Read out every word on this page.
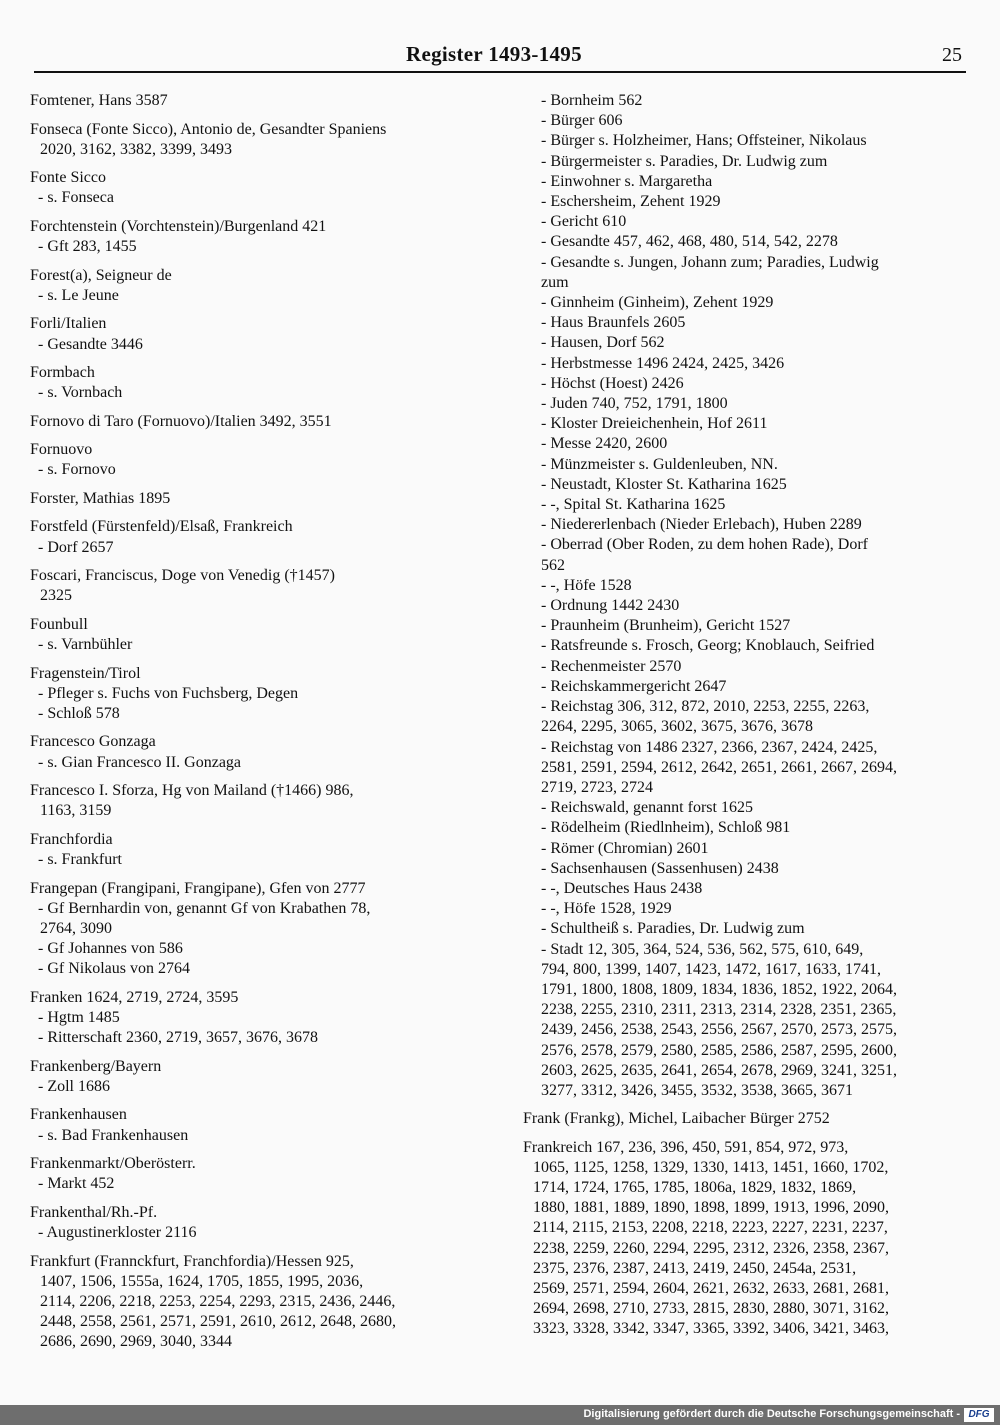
Register 1493-1495	25
Fomtener, Hans 3587
Fonseca (Fonte Sicco), Antonio de, Gesandter Spaniens
2020, 3162, 3382, 3399, 3493
Fonte Sicco
- s. Fonseca
Forchtenstein (Vorchtenstein)/Burgenland 421
- Gft 283, 1455
Forest(a), Seigneur de
- s. Le Jeune
Forli/Italien
- Gesandte 3446
Formbach
- s. Vornbach
Fornovo di Taro (Fornuovo)/Italien 3492, 3551
Fornuovo
- s. Fornovo
Forster, Mathias 1895
Forstfeld (Fürstenfeld)/Elsaß, Frankreich
- Dorf 2657
Foscari, Franciscus, Doge von Venedig (†1457)
2325
Founbull
- s. Varnbühler
Fragenstein/Tirol
- Pfleger s. Fuchs von Fuchsberg, Degen
- Schloß 578
Francesco Gonzaga
- s. Gian Francesco II. Gonzaga
Francesco I. Sforza, Hg von Mailand (†1466) 986,
1163, 3159
Franchfordia
- s. Frankfurt
Frangepan (Frangipani, Frangipane), Gfen von 2777
- Gf Bernhardin von, genannt Gf von Krabathen 78,
2764, 3090
- Gf Johannes von 586
- Gf Nikolaus von 2764
Franken 1624, 2719, 2724, 3595
- Hgtm 1485
- Ritterschaft 2360, 2719, 3657, 3676, 3678
Frankenberg/Bayern
- Zoll 1686
Frankenhausen
- s. Bad Frankenhausen
Frankenmarkt/Oberösterr.
- Markt 452
Frankenthal/Rh.-Pf.
- Augustinerkloster 2116
Frankfurt (Frannckfurt, Franchfordia)/Hessen 925,
1407, 1506, 1555a, 1624, 1705, 1855, 1995, 2036,
2114, 2206, 2218, 2253, 2254, 2293, 2315, 2436, 2446,
2448, 2558, 2561, 2571, 2591, 2610, 2612, 2648, 2680,
2686, 2690, 2969, 3040, 3344
- Bornheim 562
- Bürger 606
- Bürger s. Holzheimer, Hans; Offsteiner, Nikolaus
- Bürgermeister s. Paradies, Dr. Ludwig zum
- Einwohner s. Margaretha
- Eschersheim, Zehent 1929
- Gericht 610
- Gesandte 457, 462, 468, 480, 514, 542, 2278
- Gesandte s. Jungen, Johann zum; Paradies, Ludwig
zum
- Ginnheim (Ginheim), Zehent 1929
- Haus Braunfels 2605
- Hausen, Dorf 562
- Herbstmesse 1496 2424, 2425, 3426
- Höchst (Hoest) 2426
- Juden 740, 752, 1791, 1800
- Kloster Dreieichenhein, Hof 2611
- Messe 2420, 2600
- Münzmeister s. Guldenleuben, NN.
- Neustadt, Kloster St. Katharina 1625
- -, Spital St. Katharina 1625
- Niedererlenbach (Nieder Erlebach), Huben 2289
- Oberrad (Ober Roden, zu dem hohen Rade), Dorf
562
- -, Höfe 1528
- Ordnung 1442 2430
- Praunheim (Brunheim), Gericht 1527
- Ratsfreunde s. Frosch, Georg; Knoblauch, Seifried
- Rechenmeister 2570
- Reichskammergericht 2647
- Reichstag 306, 312, 872, 2010, 2253, 2255, 2263,
2264, 2295, 3065, 3602, 3675, 3676, 3678
- Reichstag von 1486 2327, 2366, 2367, 2424, 2425,
2581, 2591, 2594, 2612, 2642, 2651, 2661, 2667, 2694,
2719, 2723, 2724
- Reichswald, genannt forst 1625
- Rödelheim (Riedlnheim), Schloß 981
- Römer (Chromian) 2601
- Sachsenhausen (Sassenhusen) 2438
- -, Deutsches Haus 2438
- -, Höfe 1528, 1929
- Schultheiß s. Paradies, Dr. Ludwig zum
- Stadt 12, 305, 364, 524, 536, 562, 575, 610, 649,
794, 800, 1399, 1407, 1423, 1472, 1617, 1633, 1741,
1791, 1800, 1808, 1809, 1834, 1836, 1852, 1922, 2064,
2238, 2255, 2310, 2311, 2313, 2314, 2328, 2351, 2365,
2439, 2456, 2538, 2543, 2556, 2567, 2570, 2573, 2575,
2576, 2578, 2579, 2580, 2585, 2586, 2587, 2595, 2600,
2603, 2625, 2635, 2641, 2654, 2678, 2969, 3241, 3251,
3277, 3312, 3426, 3455, 3532, 3538, 3665, 3671
Frank (Frankg), Michel, Laibacher Bürger 2752
Frankreich 167, 236, 396, 450, 591, 854, 972, 973,
1065, 1125, 1258, 1329, 1330, 1413, 1451, 1660, 1702,
1714, 1724, 1765, 1785, 1806a, 1829, 1832, 1869,
1880, 1881, 1889, 1890, 1898, 1899, 1913, 1996, 2090,
2114, 2115, 2153, 2208, 2218, 2223, 2227, 2231, 2237,
2238, 2259, 2260, 2294, 2295, 2312, 2326, 2358, 2367,
2375, 2376, 2387, 2413, 2419, 2450, 2454a, 2531,
2569, 2571, 2594, 2604, 2621, 2632, 2633, 2681, 2681,
2694, 2698, 2710, 2733, 2815, 2830, 2880, 3071, 3162,
3323, 3328, 3342, 3347, 3365, 3392, 3406, 3421, 3463,
Digitalisierung gefördert durch die Deutsche Forschungsgemeinschaft - DFG
